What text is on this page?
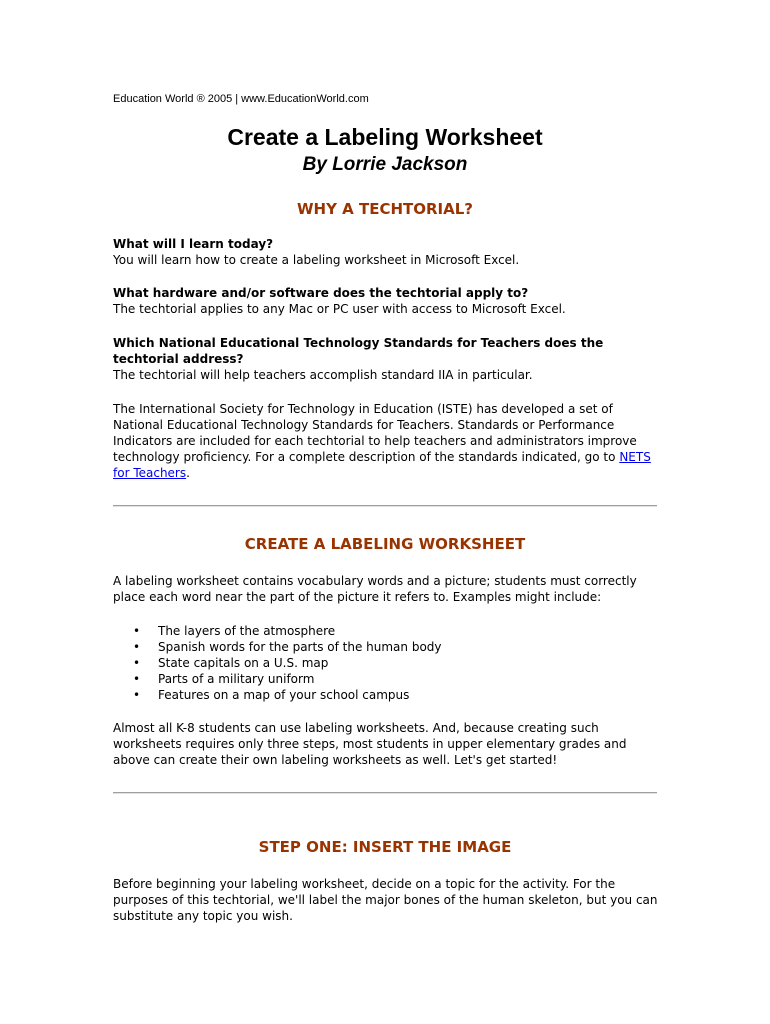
Education World ® 2005 | www.EducationWorld.com
Create a Labeling Worksheet
By Lorrie Jackson
WHY A TECHTORIAL?
What will I learn today?
You will learn how to create a labeling worksheet in Microsoft Excel.
What hardware and/or software does the techtorial apply to?
The techtorial applies to any Mac or PC user with access to Microsoft Excel.
Which National Educational Technology Standards for Teachers does the techtorial address?
The techtorial will help teachers accomplish standard IIA in particular.
The International Society for Technology in Education (ISTE) has developed a set of National Educational Technology Standards for Teachers. Standards or Performance Indicators are included for each techtorial to help teachers and administrators improve technology proficiency. For a complete description of the standards indicated, go to NETS for Teachers.
CREATE A LABELING WORKSHEET
A labeling worksheet contains vocabulary words and a picture; students must correctly place each word near the part of the picture it refers to. Examples might include:
• The layers of the atmosphere
• Spanish words for the parts of the human body
• State capitals on a U.S. map
• Parts of a military uniform
• Features on a map of your school campus
Almost all K-8 students can use labeling worksheets. And, because creating such worksheets requires only three steps, most students in upper elementary grades and above can create their own labeling worksheets as well. Let's get started!
STEP ONE: INSERT THE IMAGE
Before beginning your labeling worksheet, decide on a topic for the activity. For the purposes of this techtorial, we'll label the major bones of the human skeleton, but you can substitute any topic you wish.
